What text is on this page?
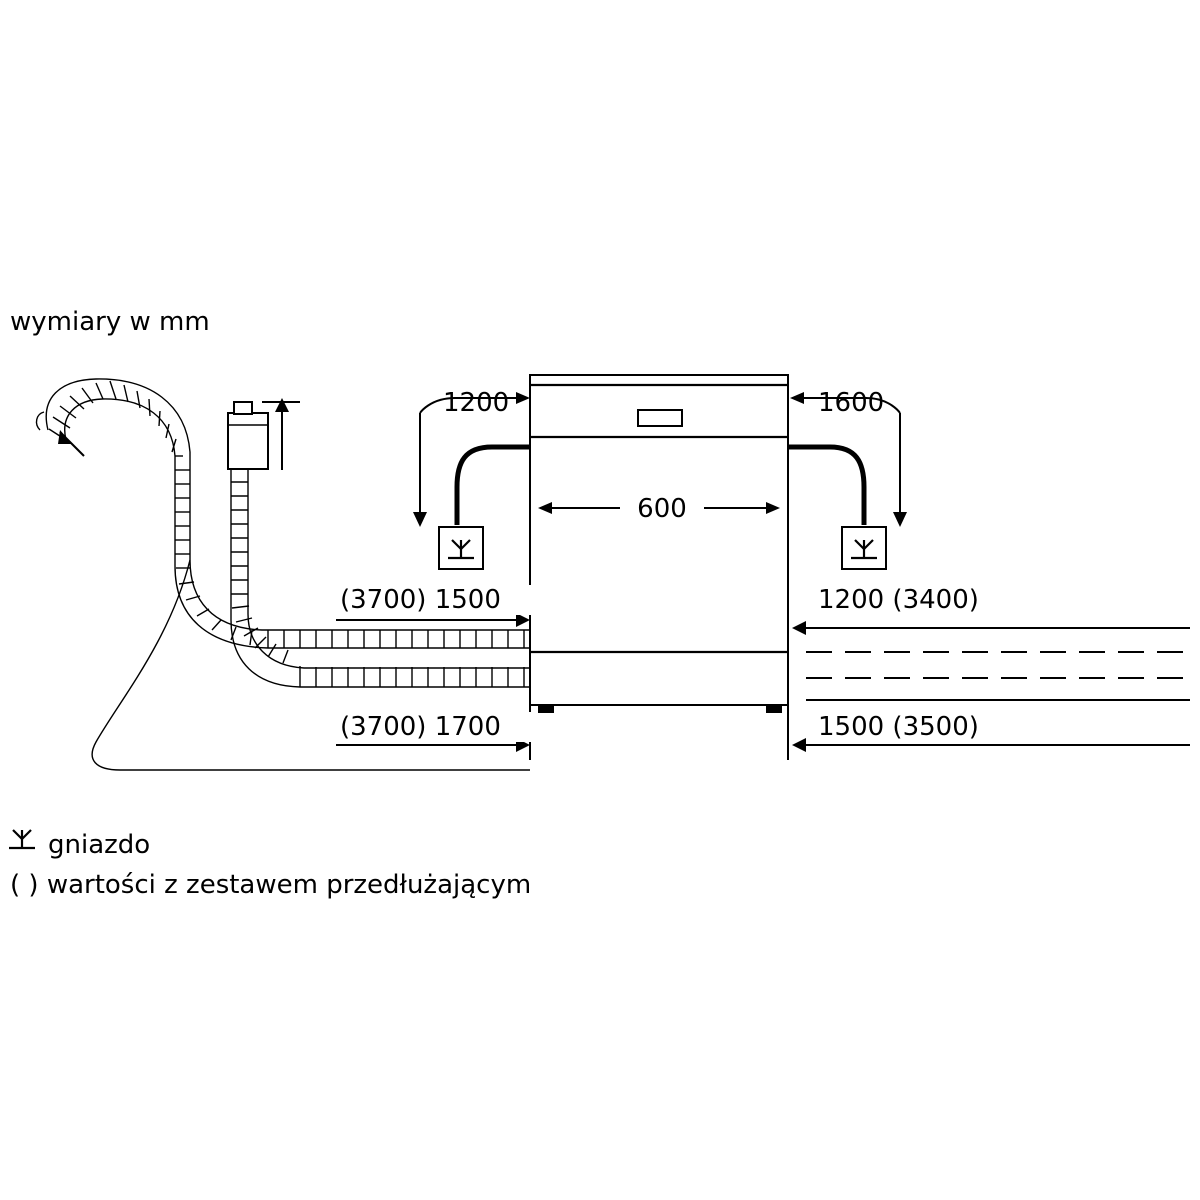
wymiary w mm
600
1200	1600
(3700) 1500
(3700) 1700
1200 (3400)
1500 (3500)
gniazdo
( ) wartości z zestawem przedłużającym
